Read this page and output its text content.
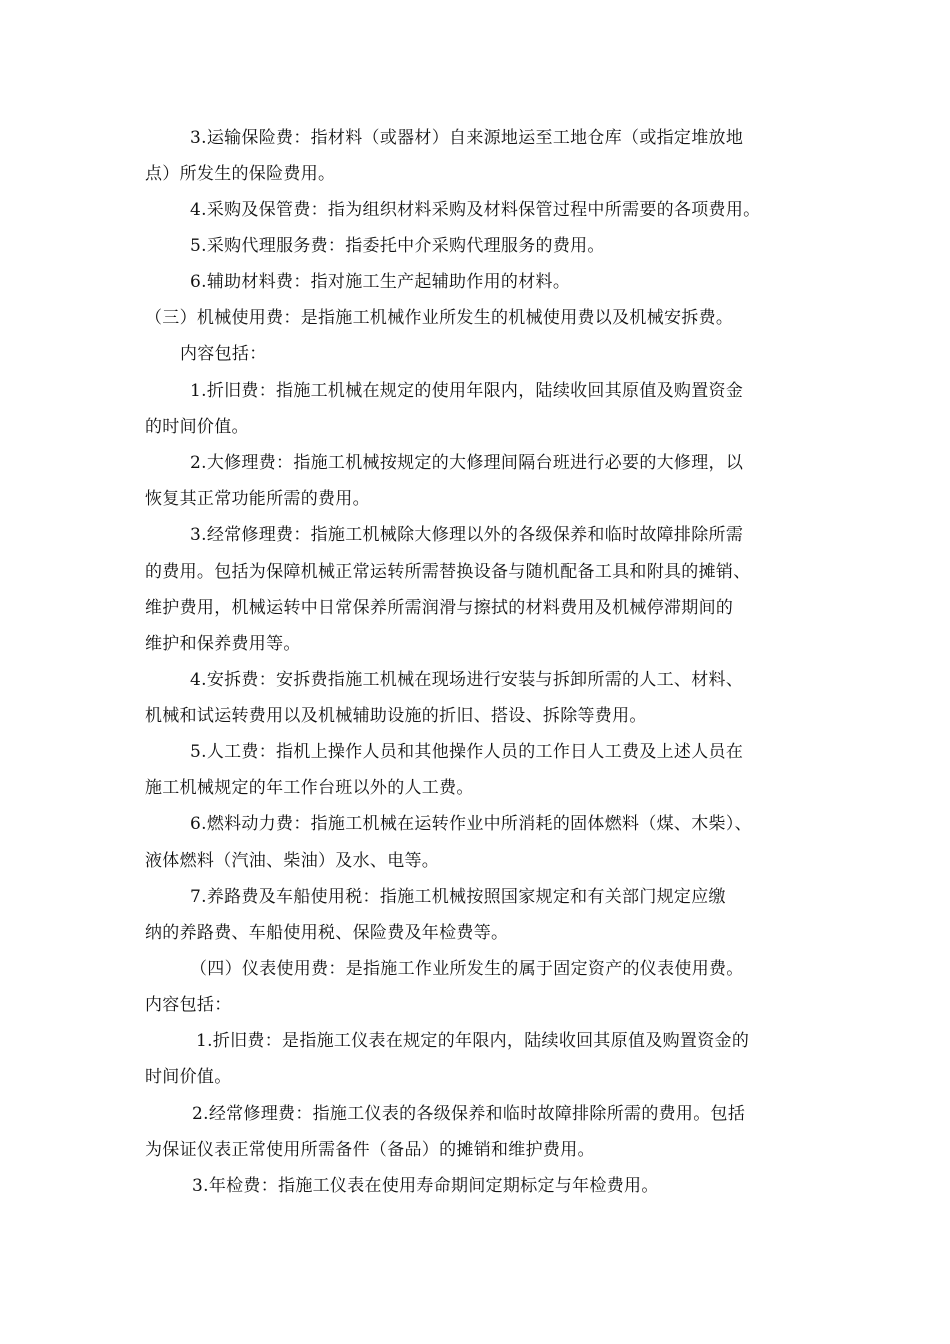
3.运输保险费：指材料（或器材）自来源地运至工地仓库（或指定堆放地
点）所发生的保险费用。
4.采购及保管费：指为组织材料采购及材料保管过程中所需要的各项费用。
5.采购代理服务费：指委托中介采购代理服务的费用。
6.辅助材料费：指对施工生产起辅助作用的材料。
（三）机械使用费：是指施工机械作业所发生的机械使用费以及机械安拆费。
内容包括：
1.折旧费：指施工机械在规定的使用年限内，陆续收回其原值及购置资金
的时间价值。
2.大修理费：指施工机械按规定的大修理间隔台班进行必要的大修理，以
恢复其正常功能所需的费用。
3.经常修理费：指施工机械除大修理以外的各级保养和临时故障排除所需
的费用。包括为保障机械正常运转所需替换设备与随机配备工具和附具的摊销、
维护费用，机械运转中日常保养所需润滑与擦拭的材料费用及机械停滞期间的
维护和保养费用等。
4.安拆费：安拆费指施工机械在现场进行安装与拆卸所需的人工、材料、
机械和试运转费用以及机械辅助设施的折旧、搭设、拆除等费用。
5.人工费：指机上操作人员和其他操作人员的工作日人工费及上述人员在
施工机械规定的年工作台班以外的人工费。
6.燃料动力费：指施工机械在运转作业中所消耗的固体燃料（煤、木柴）、
液体燃料（汽油、柴油）及水、电等。
7.养路费及车船使用税：指施工机械按照国家规定和有关部门规定应缴
纳的养路费、车船使用税、保险费及年检费等。
（四）仪表使用费：是指施工作业所发生的属于固定资产的仪表使用费。
内容包括：
1.折旧费：是指施工仪表在规定的年限内，陆续收回其原值及购置资金的
时间价值。
2.经常修理费：指施工仪表的各级保养和临时故障排除所需的费用。包括
为保证仪表正常使用所需备件（备品）的摊销和维护费用。
3.年检费：指施工仪表在使用寿命期间定期标定与年检费用。
